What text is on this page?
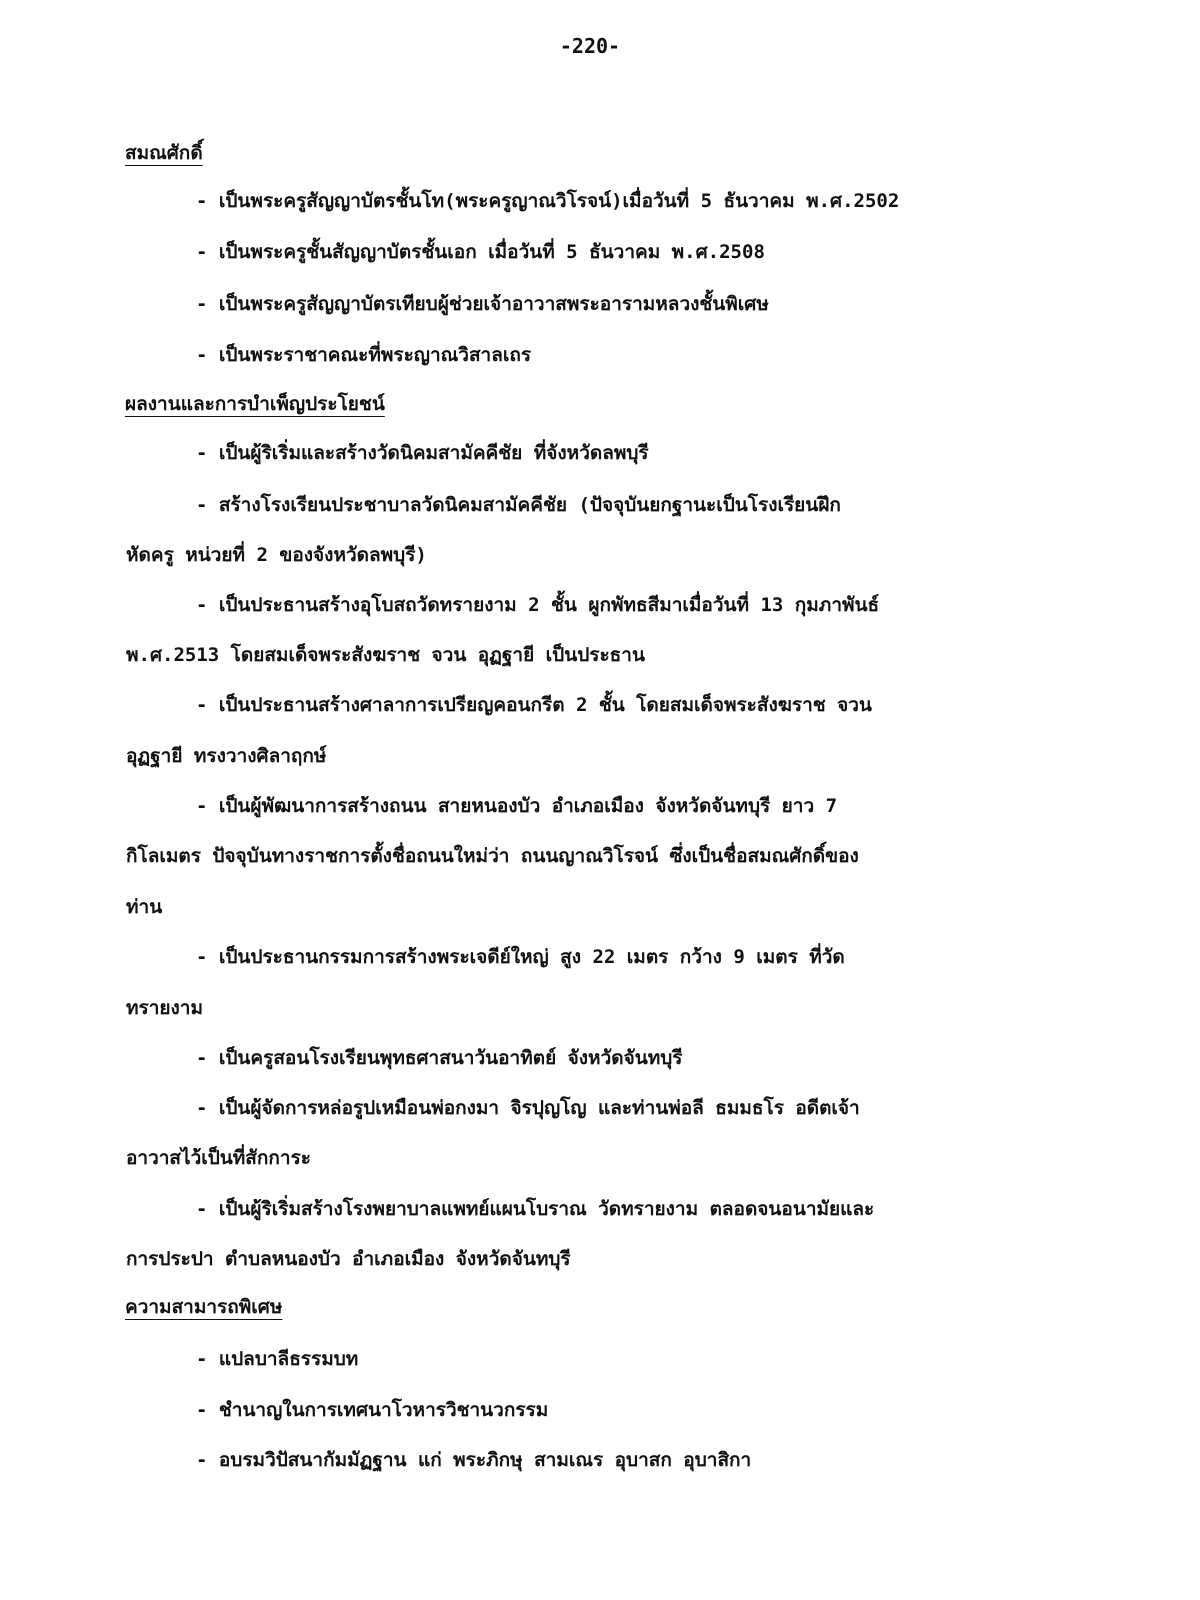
-220-
สมณศักดิ์
- เป็นพระครูสัญญาบัตรชั้นโท(พระครูญาณวิโรจน์)เมื่อวันที่ 5 ธันวาคม พ.ศ.2502
- เป็นพระครูชั้นสัญญาบัตรชั้นเอก เมื่อวันที่ 5 ธันวาคม พ.ศ.2508
- เป็นพระครูสัญญาบัตรเทียบผู้ช่วยเจ้าอาวาสพระอารามหลวงชั้นพิเศษ
- เป็นพระราชาคณะที่พระญาณวิสาลเถร
ผลงานและการบำเพ็ญประโยชน์
- เป็นผู้ริเริ่มและสร้างวัดนิคมสามัคคีชัย ที่จังหวัดลพบุรี
- สร้างโรงเรียนประชาบาลวัดนิคมสามัคคีชัย (ปัจจุบันยกฐานะเป็นโรงเรียนฝึก
หัดครู หน่วยที่ 2 ของจังหวัดลพบุรี)
- เป็นประธานสร้างอุโบสถวัดทรายงาม 2 ชั้น ผูกพัทธสีมาเมื่อวันที่ 13 กุมภาพันธ์
พ.ศ.2513 โดยสมเด็จพระสังฆราช จวน อุฏฐายี เป็นประธาน
- เป็นประธานสร้างศาลาการเปรียญคอนกรีต 2 ชั้น โดยสมเด็จพระสังฆราช จวน
อุฏฐายี ทรงวางศิลาฤกษ์
- เป็นผู้พัฒนาการสร้างถนน สายหนองบัว อำเภอเมือง จังหวัดจันทบุรี ยาว 7
กิโลเมตร ปัจจุบันทางราชการตั้งชื่อถนนใหม่ว่า ถนนญาณวิโรจน์ ซึ่งเป็นชื่อสมณศักดิ์ของ
ท่าน
- เป็นประธานกรรมการสร้างพระเจดีย์ใหญ่ สูง 22 เมตร กว้าง 9 เมตร ที่วัด
ทรายงาม
- เป็นครูสอนโรงเรียนพุทธศาสนาวันอาทิตย์ จังหวัดจันทบุรี
- เป็นผู้จัดการหล่อรูปเหมือนพ่อกงมา จิรปุญโญ และท่านพ่อลี ธมมธโร อดีตเจ้า
อาวาสไว้เป็นที่สักการะ
- เป็นผู้ริเริ่มสร้างโรงพยาบาลแพทย์แผนโบราณ วัดทรายงาม ตลอดจนอนามัยและ
การประปา ตำบลหนองบัว อำเภอเมือง จังหวัดจันทบุรี
ความสามารถพิเศษ
- แปลบาลีธรรมบท
- ชำนาญในการเทศนาโวหารวิชานวกรรม
- อบรมวิปัสนากัมมัฏฐาน แก่ พระภิกษุ สามเณร อุบาสก อุบาสิกา
